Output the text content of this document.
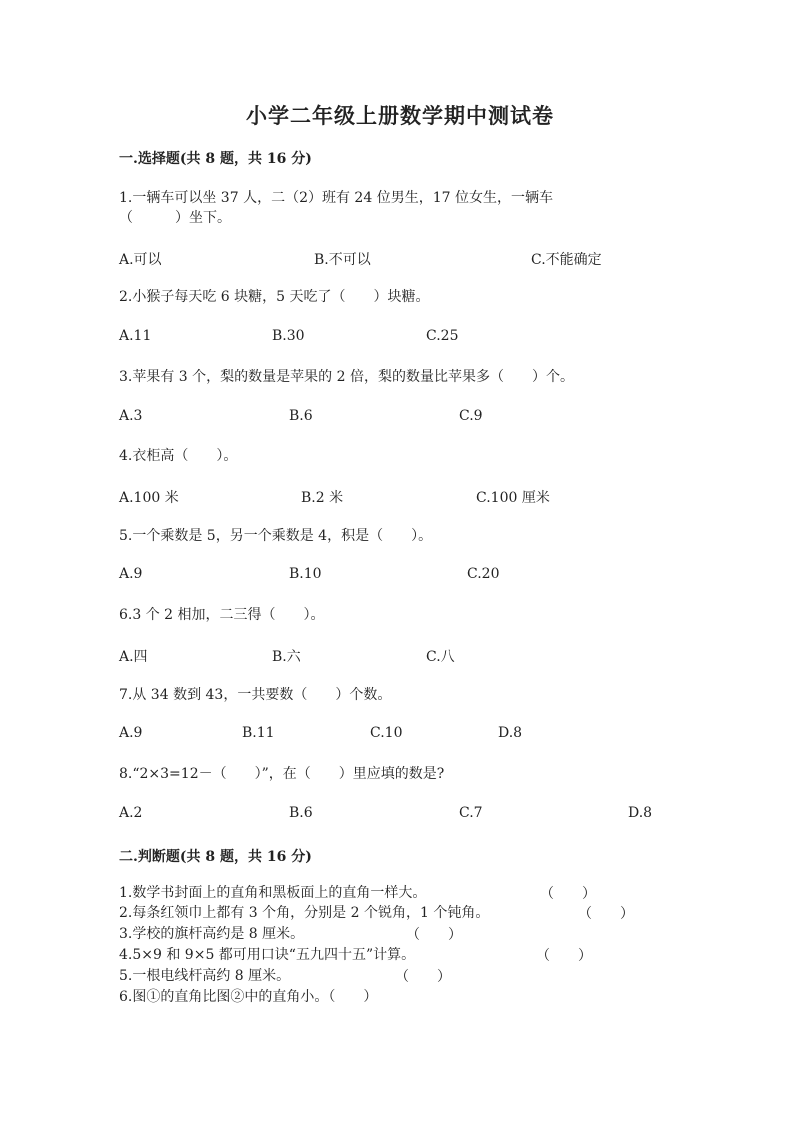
小学二年级上册数学期中测试卷
一.选择题(共 8 题，共 16 分)
1.一辆车可以坐 37 人，二（2）班有 24 位男生，17 位女生，一辆车
（　　　）坐下。
A.可以	B.不可以	C.不能确定
2.小猴子每天吃 6 块糖，5 天吃了（　　）块糖。
A.11	B.30	C.25
3.苹果有 3 个，梨的数量是苹果的 2 倍，梨的数量比苹果多（　　）个。
A.3	B.6	C.9
4.衣柜高（　　）。
A.100 米	B.2 米	C.100 厘米
5.一个乘数是 5，另一个乘数是 4，积是（　　）。
A.9	B.10	C.20
6.3 个 2 相加，二三得（　　）。
A.四	B.六	C.八
7.从 34 数到 43，一共要数（　　）个数。
A.9	B.11	C.10	D.8
8.“2×3=12－（　　）”，在（　　）里应填的数是?
A.2	B.6	C.7	D.8
二.判断题(共 8 题，共 16 分)
1.数学书封面上的直角和黑板面上的直角一样大。	（　　）
2.每条红领巾上都有 3 个角，分别是 2 个锐角，1 个钝角。	（　　）
3.学校的旗杆高约是 8 厘米。	（　　）
4.5×9 和 9×5 都可用口诀“五九四十五”计算。	（　　）
5.一根电线杆高约 8 厘米。	（　　）
6.图①的直角比图②中的直角小。（　　）
